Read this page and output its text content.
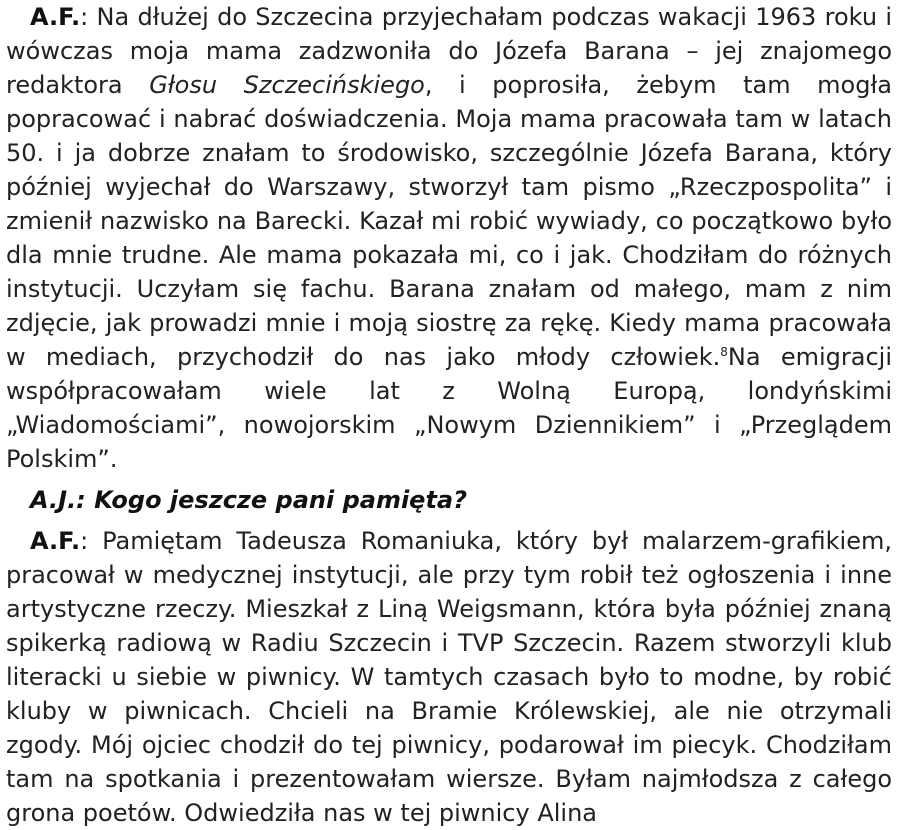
A.F.: Na dłużej do Szczecina przyjechałam podczas wakacji 1963 roku i wówczas moja mama zadzwoniła do Józefa Barana – jej znajomego redaktora Głosu Szczecińskiego, i poprosiła, żebym tam mogła popracować i nabrać doświadczenia. Moja mama pracowała tam w latach 50. i ja dobrze znałam to środowisko, szczególnie Józefa Barana, który później wyjechał do Warszawy, stworzył tam pismo „Rzeczpospolita” i zmienił nazwisko na Barecki. Kazał mi robić wywiady, co początkowo było dla mnie trudne. Ale mama pokazała mi, co i jak. Chodziłam do różnych instytucji. Uczyłam się fachu. Barana znałam od małego, mam z nim zdjęcie, jak prowadzi mnie i moją siostrę za rękę. Kiedy mama pracowała w mediach, przychodził do nas jako młody człowiek.$^8$Na emigracji współpracowałam wiele lat z Wolną Europą, londyńskimi „Wiadomościami”, nowojorskim „Nowym Dziennikiem” i „Przeglądem Polskim”.

A.J.: Kogo jeszcze pani pamięta?

A.F.: Pamiętam Tadeusza Romaniuka, który był malarzem-grafikiem, pracował w medycznej instytucji, ale przy tym robił też ogłoszenia i inne artystyczne rzeczy. Mieszkał z Liną Weigsmann, która była później znaną spikerką radiową w Radiu Szczecin i TVP Szczecin. Razem stworzyli klub literacki u siebie w piwnicy. W tamtych czasach było to modne, by robić kluby w piwnicach. Chcieli na Bramie Królewskiej, ale nie otrzymali zgody. Mój ojciec chodził do tej piwnicy, podarował im piecyk. Chodziłam tam na spotkania i prezentowałam wiersze. Byłam najmłodsza z całego grona poetów. Odwiedziła nas w tej piwnicy Alina
